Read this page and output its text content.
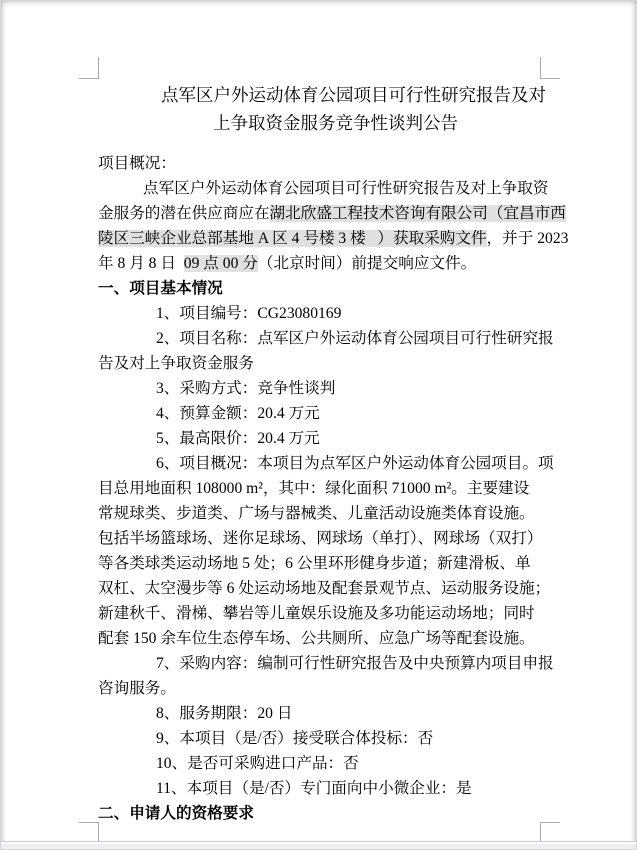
点军区户外运动体育公园项目可行性研究报告及对
上争取资金服务竞争性谈判公告
项目概况：
点军区户外运动体育公园项目可行性研究报告及对上争取资
金服务的潜在供应商应在湖北欣盛工程技术咨询有限公司（宜昌市西
陵区三峡企业总部基地 A 区 4 号楼 3 楼   ）获取采购文件，并于 2023
年 8 月 8 日  09 点 00 分（北京时间）前提交响应文件。
一、项目基本情况
1、项目编号：CG23080169
2、项目名称：点军区户外运动体育公园项目可行性研究报
告及对上争取资金服务
3、采购方式：竞争性谈判
4、预算金额：20.4 万元
5、最高限价：20.4 万元
6、项目概况：本项目为点军区户外运动体育公园项目。项
目总用地面积 108000 m²，其中：绿化面积 71000 m²。主要建设
常规球类、步道类、广场与器械类、儿童活动设施类体育设施。
包括半场篮球场、迷你足球场、网球场（单打）、网球场（双打）
等各类球类运动场地 5 处；6 公里环形健身步道；新建滑板、单
双杠、太空漫步等 6 处运动场地及配套景观节点、运动服务设施；
新建秋千、滑梯、攀岩等儿童娱乐设施及多功能运动场地；同时
配套 150 余车位生态停车场、公共厕所、应急广场等配套设施。
7、采购内容：编制可行性研究报告及中央预算内项目申报
咨询服务。
8、服务期限：20 日
9、本项目（是/否）接受联合体投标：否
10、是否可采购进口产品：否
11、本项目（是/否）专门面向中小微企业：是
二、申请人的资格要求
